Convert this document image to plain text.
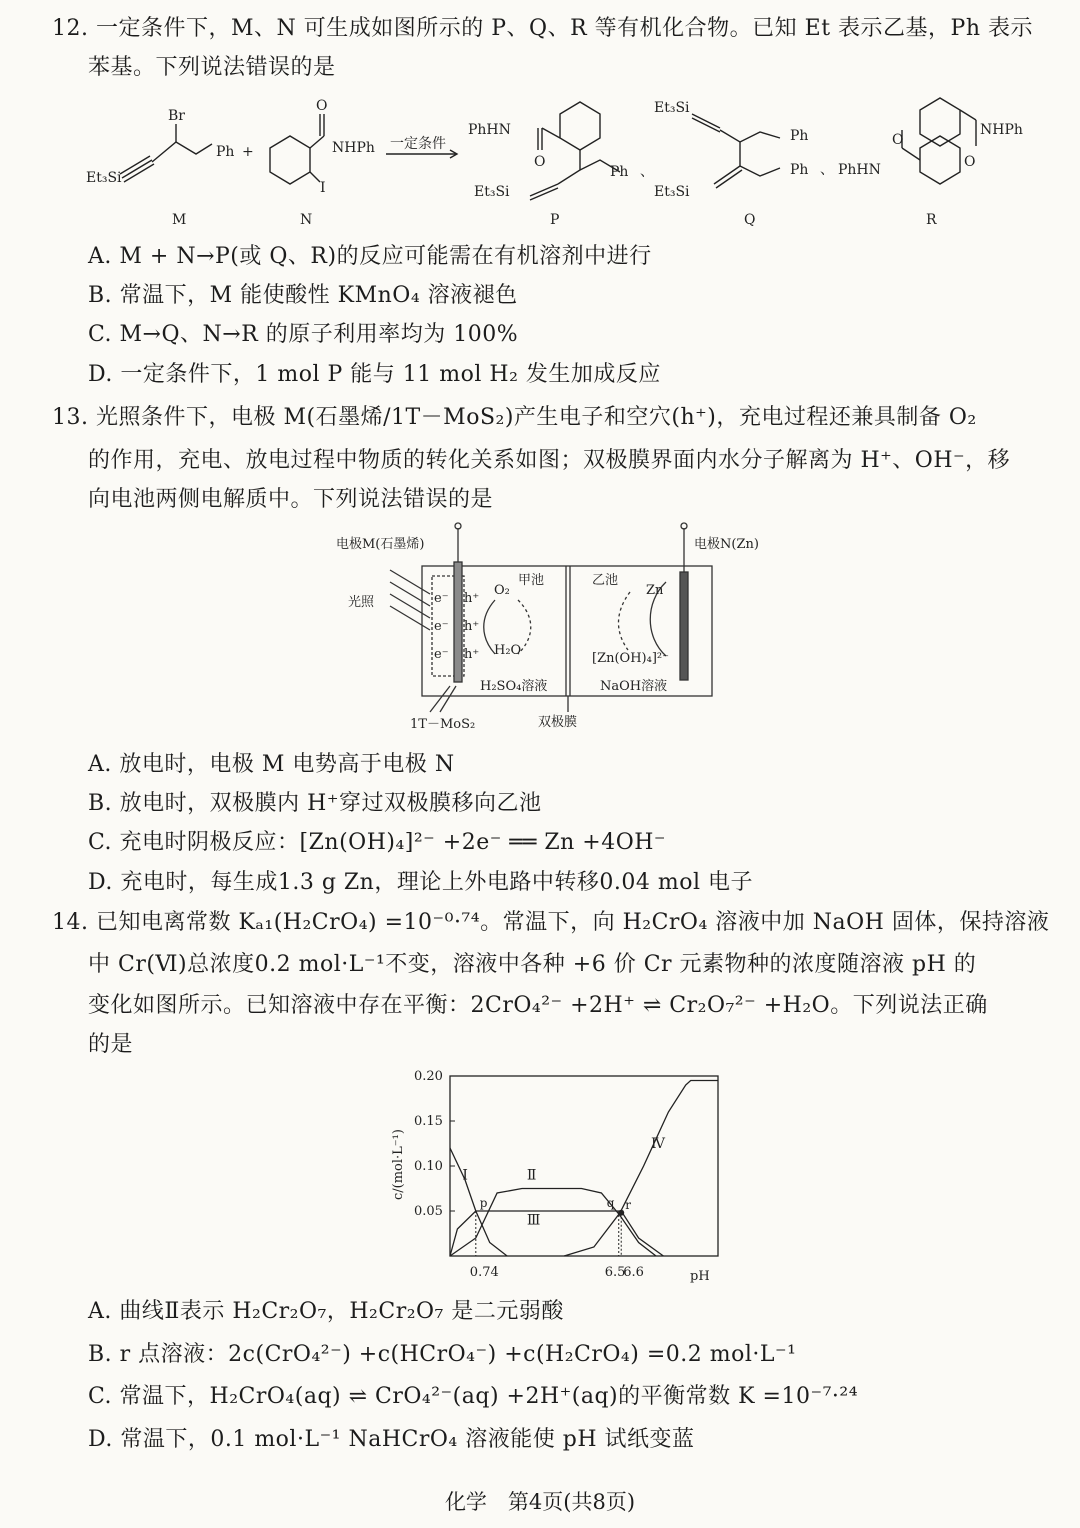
12. 一定条件下，M、N 可生成如图所示的 P、Q、R 等有机化合物。已知 Et 表示乙基，Ph 表示
苯基。下列说法错误的是
Br
Ph +
Et₃Si
O
NHPh
I
一定条件
PhHN
O
Ph 、
Et₃Si
Et₃Si
Ph
Ph 、
Et₃Si
PhHN
O
NHPh
O
M	N	P	Q	R
A. M + N→P(或 Q、R)的反应可能需在有机溶剂中进行
B. 常温下，M 能使酸性 KMnO₄ 溶液褪色
C. M→Q、N→R 的原子利用率均为 100%
D. 一定条件下，1 mol P 能与 11 mol H₂ 发生加成反应
13. 光照条件下，电极 M(石墨烯/1T－MoS₂)产生电子和空穴(h⁺)，充电过程还兼具制备 O₂
的作用，充电、放电过程中物质的转化关系如图；双极膜界面内水分子解离为 H⁺、OH⁻，移
向电池两侧电解质中。下列说法错误的是
电极M(石墨烯)	电极N(Zn)
光照
甲池	乙池
O₂
H₂O
Zn
[Zn(OH)₄]²⁻
H₂SO₄溶液	NaOH溶液
1T－MoS₂	双极膜
e⁻
e⁻
e⁻
h⁺
h⁺
h⁺
A. 放电时，电极 M 电势高于电极 N
B. 放电时，双极膜内 H⁺穿过双极膜移向乙池
C. 充电时阴极反应：[Zn(OH)₄]²⁻ +2e⁻ ══ Zn +4OH⁻
D. 充电时，每生成1.3 g Zn，理论上外电路中转移0.04 mol 电子
14. 已知电离常数 Kₐ₁(H₂CrO₄) =10⁻⁰·⁷⁴。常温下，向 H₂CrO₄ 溶液中加 NaOH 固体，保持溶液
中 Cr(Ⅵ)总浓度0.2 mol·L⁻¹不变，溶液中各种 +6 价 Cr 元素物种的浓度随溶液 pH 的
变化如图所示。已知溶液中存在平衡：2CrO₄²⁻ +2H⁺ ⇌ Cr₂O₇²⁻ +H₂O。下列说法正确
的是
0.05
0.10
0.15
0.20
0.74	6.5
6.6
Ⅰ	Ⅱ
Ⅲ
Ⅳ
p	q r
c/(mol·L⁻¹)
pH
A. 曲线Ⅱ表示 H₂Cr₂O₇，H₂Cr₂O₇ 是二元弱酸
B. r 点溶液：2c(CrO₄²⁻) +c(HCrO₄⁻) +c(H₂CrO₄) =0.2 mol·L⁻¹
C. 常温下，H₂CrO₄(aq) ⇌ CrO₄²⁻(aq) +2H⁺(aq)的平衡常数 K =10⁻⁷·²⁴
D. 常温下，0.1 mol·L⁻¹ NaHCrO₄ 溶液能使 pH 试纸变蓝
化学　第4页(共8页)
